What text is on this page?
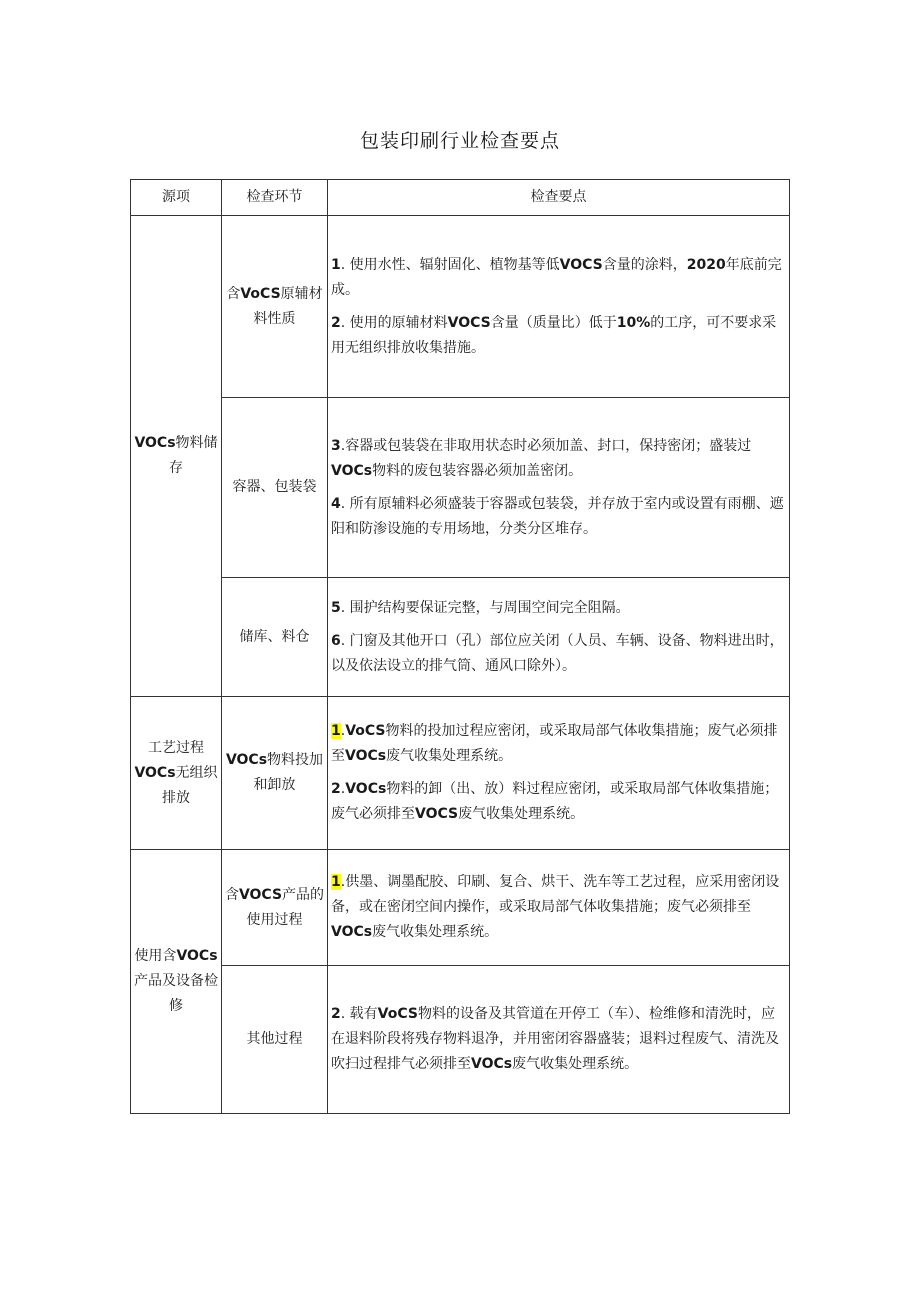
包装印刷行业检查要点
源项	检查环节	检查要点
VOCs物料储存	含VoCS原辅材料性质	1. 使用水性、辐射固化、植物基等低VOCS含量的涂料，2020年底前完成。
2. 使用的原辅材料VOCS含量（质量比）低于10%的工序，可不要求采用无组织排放收集措施。

	容器、包装袋	3.容器或包装袋在非取用状态时必须加盖、封口，保持密闭；盛装过VOCs物料的废包装容器必须加盖密闭。
4. 所有原辅料必须盛装于容器或包装袋，并存放于室内或设置有雨棚、遮阳和防渗设施的专用场地，分类分区堆存。

	储库、料仓	5. 围护结构要保证完整，与周围空间完全阻隔。
6. 门窗及其他开口（孔）部位应关闭（人员、车辆、设备、物料进出时，以及依法设立的排气筒、通风口除外）。

工艺过程VOCs无组织排放	VOCs物料投加和卸放	1.VoCS物料的投加过程应密闭，或采取局部气体收集措施；废气必须排至VOCs废气收集处理系统。
2.VOCs物料的卸（出、放）料过程应密闭，或采取局部气体收集措施；废气必须排至VOCS废气收集处理系统。

使用含VOCs产品及设备检修	含VOCS产品的使用过程	1.供墨、调墨配胶、印刷、复合、烘干、洗车等工艺过程，应采用密闭设备，或在密闭空间内操作，或采取局部气体收集措施；废气必须排至VOCs废气收集处理系统。

	其他过程	2. 载有VoCS物料的设备及其管道在开停工（车）、检维修和清洗时，应在退料阶段将残存物料退净，并用密闭容器盛装；退料过程废气、清洗及吹扫过程排气必须排至VOCs废气收集处理系统。
